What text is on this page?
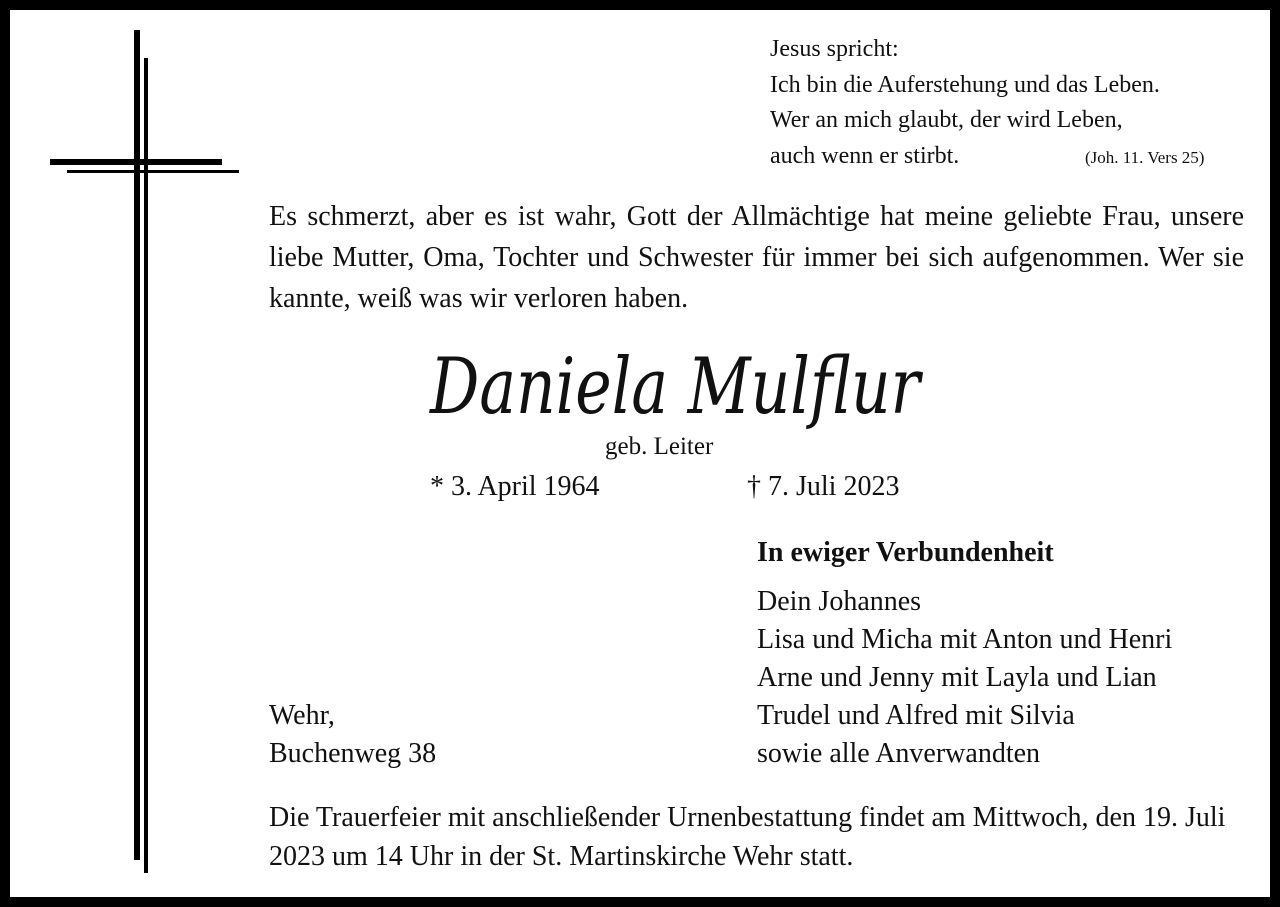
Jesus spricht:
Ich bin die Auferstehung und das Leben.
Wer an mich glaubt, der wird Leben,
auch wenn er stirbt.	(Joh. 11. Vers 25)
Es schmerzt, aber es ist wahr, Gott der Allmächtige hat meine geliebte Frau, unsere liebe Mutter, Oma, Tochter und Schwester für immer bei sich aufgenommen. Wer sie kannte, weiß was wir verloren haben.
Daniela Mulflur
geb. Leiter
* 3. April 1964	† 7. Juli 2023
In ewiger Verbundenheit
Dein Johannes
Lisa und Micha mit Anton und Henri
Arne und Jenny mit Layla und Lian
Trudel und Alfred mit Silvia
sowie alle Anverwandten
Wehr,
Buchenweg 38
Die Trauerfeier mit anschließender Urnenbestattung findet am Mittwoch, den 19. Juli 2023 um 14 Uhr in der St. Martinskirche Wehr statt.
